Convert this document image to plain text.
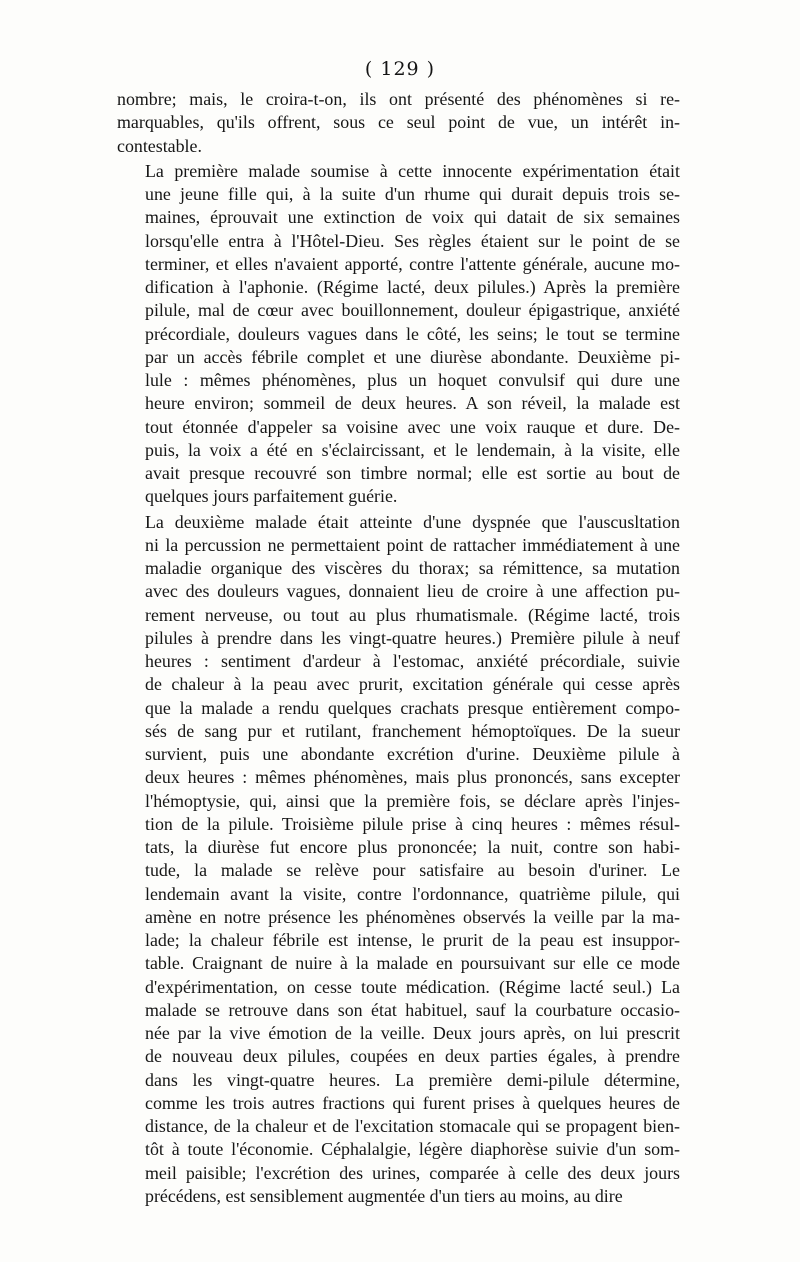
( 129 )
nombre; mais, le croira-t-on, ils ont présenté des phénomènes si re-
marquables, qu'ils offrent, sous ce seul point de vue, un intérêt in-
contestable.
La première malade soumise à cette innocente expérimentation était
une jeune fille qui, à la suite d'un rhume qui durait depuis trois se-
maines, éprouvait une extinction de voix qui datait de six semaines
lorsqu'elle entra à l'Hôtel-Dieu. Ses règles étaient sur le point de se
terminer, et elles n'avaient apporté, contre l'attente générale, aucune mo-
dification à l'aphonie. (Régime lacté, deux pilules.) Après la première
pilule, mal de cœur avec bouillonnement, douleur épigastrique, anxiété
précordiale, douleurs vagues dans le côté, les seins; le tout se termine
par un accès fébrile complet et une diurèse abondante. Deuxième pi-
lule : mêmes phénomènes, plus un hoquet convulsif qui dure une
heure environ; sommeil de deux heures. A son réveil, la malade est
tout étonnée d'appeler sa voisine avec une voix rauque et dure. De-
puis, la voix a été en s'éclaircissant, et le lendemain, à la visite, elle
avait presque recouvré son timbre normal; elle est sortie au bout de
quelques jours parfaitement guérie.
La deuxième malade était atteinte d'une dyspnée que l'auscusltation
ni la percussion ne permettaient point de rattacher immédiatement à une
maladie organique des viscères du thorax; sa rémittence, sa mutation
avec des douleurs vagues, donnaient lieu de croire à une affection pu-
rement nerveuse, ou tout au plus rhumatismale. (Régime lacté, trois
pilules à prendre dans les vingt-quatre heures.) Première pilule à neuf
heures : sentiment d'ardeur à l'estomac, anxiété précordiale, suivie
de chaleur à la peau avec prurit, excitation générale qui cesse après
que la malade a rendu quelques crachats presque entièrement compo-
sés de sang pur et rutilant, franchement hémoptoïques. De la sueur
survient, puis une abondante excrétion d'urine. Deuxième pilule à
deux heures : mêmes phénomènes, mais plus prononcés, sans excepter
l'hémoptysie, qui, ainsi que la première fois, se déclare après l'injes-
tion de la pilule. Troisième pilule prise à cinq heures : mêmes résul-
tats, la diurèse fut encore plus prononcée; la nuit, contre son habi-
tude, la malade se relève pour satisfaire au besoin d'uriner. Le
lendemain avant la visite, contre l'ordonnance, quatrième pilule, qui
amène en notre présence les phénomènes observés la veille par la ma-
lade; la chaleur fébrile est intense, le prurit de la peau est insuppor-
table. Craignant de nuire à la malade en poursuivant sur elle ce mode
d'expérimentation, on cesse toute médication. (Régime lacté seul.) La
malade se retrouve dans son état habituel, sauf la courbature occasio-
née par la vive émotion de la veille. Deux jours après, on lui prescrit
de nouveau deux pilules, coupées en deux parties égales, à prendre
dans les vingt-quatre heures. La première demi-pilule détermine,
comme les trois autres fractions qui furent prises à quelques heures de
distance, de la chaleur et de l'excitation stomacale qui se propagent bien-
tôt à toute l'économie. Céphalalgie, légère diaphorèse suivie d'un som-
meil paisible; l'excrétion des urines, comparée à celle des deux jours
précédens, est sensiblement augmentée d'un tiers au moins, au dire
